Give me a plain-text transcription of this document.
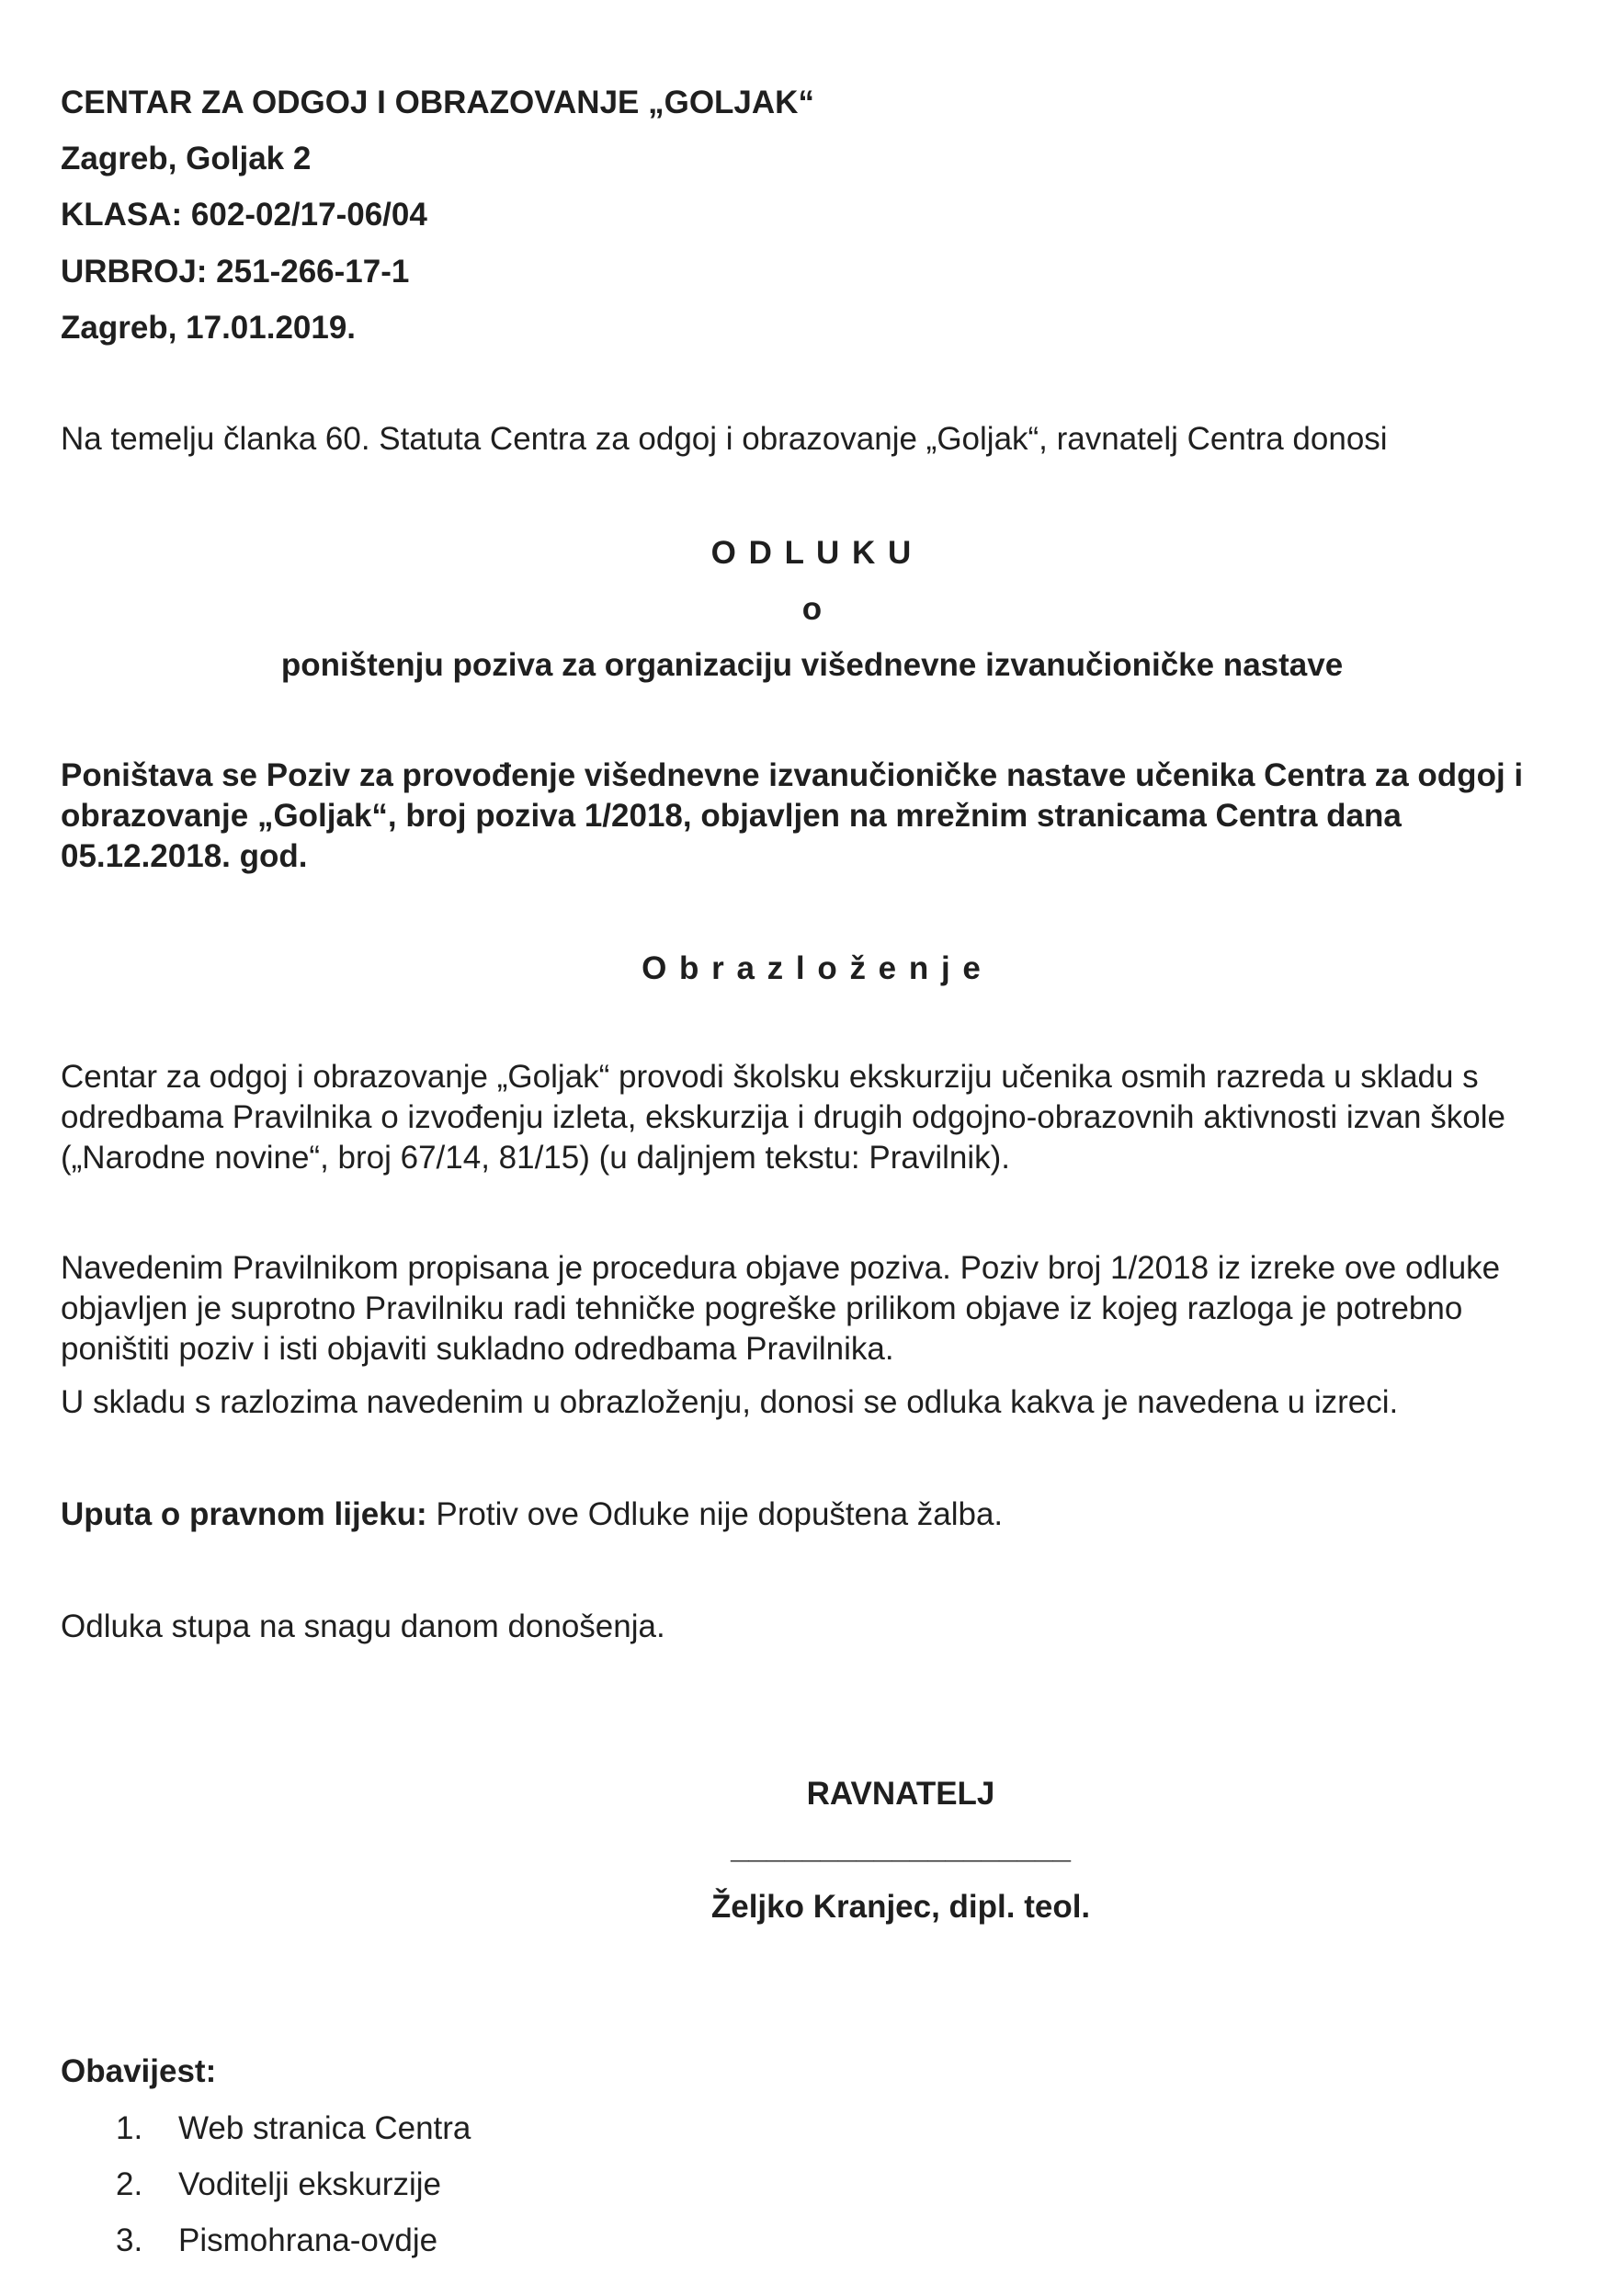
CENTAR ZA ODGOJ I OBRAZOVANJE „GOLJAK“
Zagreb, Goljak 2
KLASA: 602-02/17-06/04
URBROJ: 251-266-17-1
Zagreb, 17.01.2019.
Na temelju članka 60. Statuta Centra za odgoj i obrazovanje „Goljak“, ravnatelj Centra donosi
O D L U K U
o
poništenju poziva za organizaciju višednevne izvanučioničke nastave
Poništava se Poziv za provođenje višednevne izvanučioničke nastave učenika Centra za odgoj i obrazovanje „Goljak“, broj poziva 1/2018, objavljen na mrežnim stranicama Centra dana 05.12.2018. god.
O b r a z l o ž e n j e
Centar za odgoj i obrazovanje „Goljak“ provodi školsku ekskurziju učenika osmih razreda u skladu s odredbama Pravilnika o izvođenju izleta, ekskurzija i drugih odgojno-obrazovnih aktivnosti izvan škole („Narodne novine“, broj 67/14, 81/15) (u daljnjem tekstu: Pravilnik).
Navedenim Pravilnikom propisana je procedura objave poziva. Poziv broj 1/2018 iz izreke ove odluke objavljen je suprotno Pravilniku radi tehničke pogreške prilikom objave iz kojeg razloga je potrebno poništiti poziv i isti objaviti sukladno odredbama Pravilnika.
U skladu s razlozima navedenim u obrazloženju, donosi se odluka kakva je navedena u izreci.
Uputa o pravnom lijeku: Protiv ove Odluke nije dopuštena žalba.
Odluka stupa na snagu danom donošenja.
RAVNATELJ
___________________
Željko Kranjec, dipl. teol.
Obavijest:
1. Web stranica Centra
2. Voditelji ekskurzije
3. Pismohrana-ovdje
